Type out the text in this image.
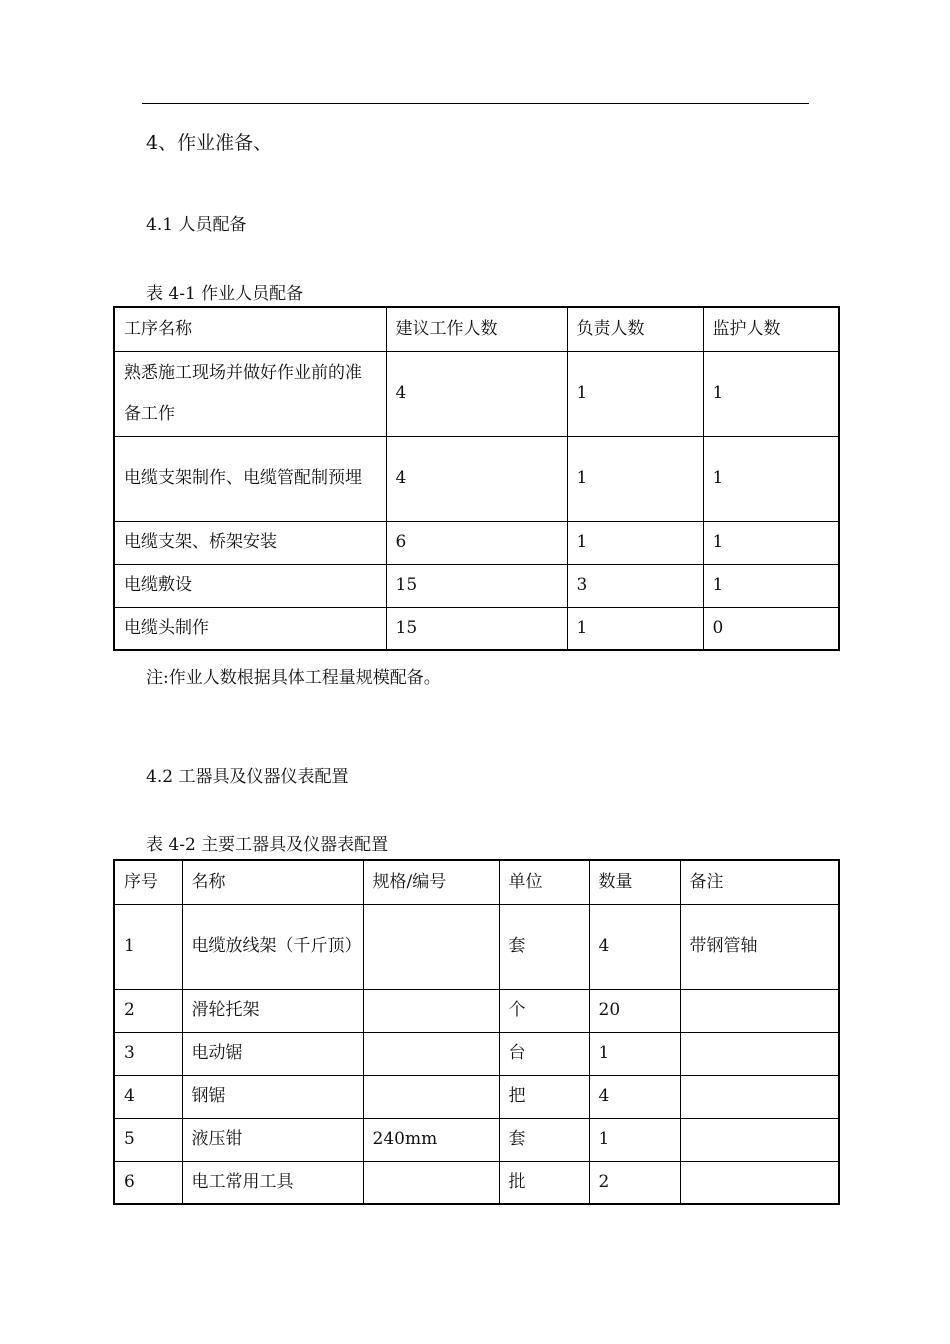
4、作业准备、
4.1 人员配备
表 4-1 作业人员配备
工序名称	建议工作人数	负责人数	监护人数
熟悉施工现场并做好作业前的准备工作	4	1	1
电缆支架制作、电缆管配制预埋	4	1	1
电缆支架、桥架安装	6	1	1
电缆敷设	15	3	1
电缆头制作	15	1	0
注:作业人数根据具体工程量规模配备。
4.2 工器具及仪器仪表配置
表 4-2 主要工器具及仪器表配置
序号	名称	规格/编号	单位	数量	备注
1	电缆放线架（千斤顶）		套	4	带钢管轴
2	滑轮托架		个	20	
3	电动锯		台	1	
4	钢锯		把	4	
5	液压钳	240mm	套	1	
6	电工常用工具		批	2	
